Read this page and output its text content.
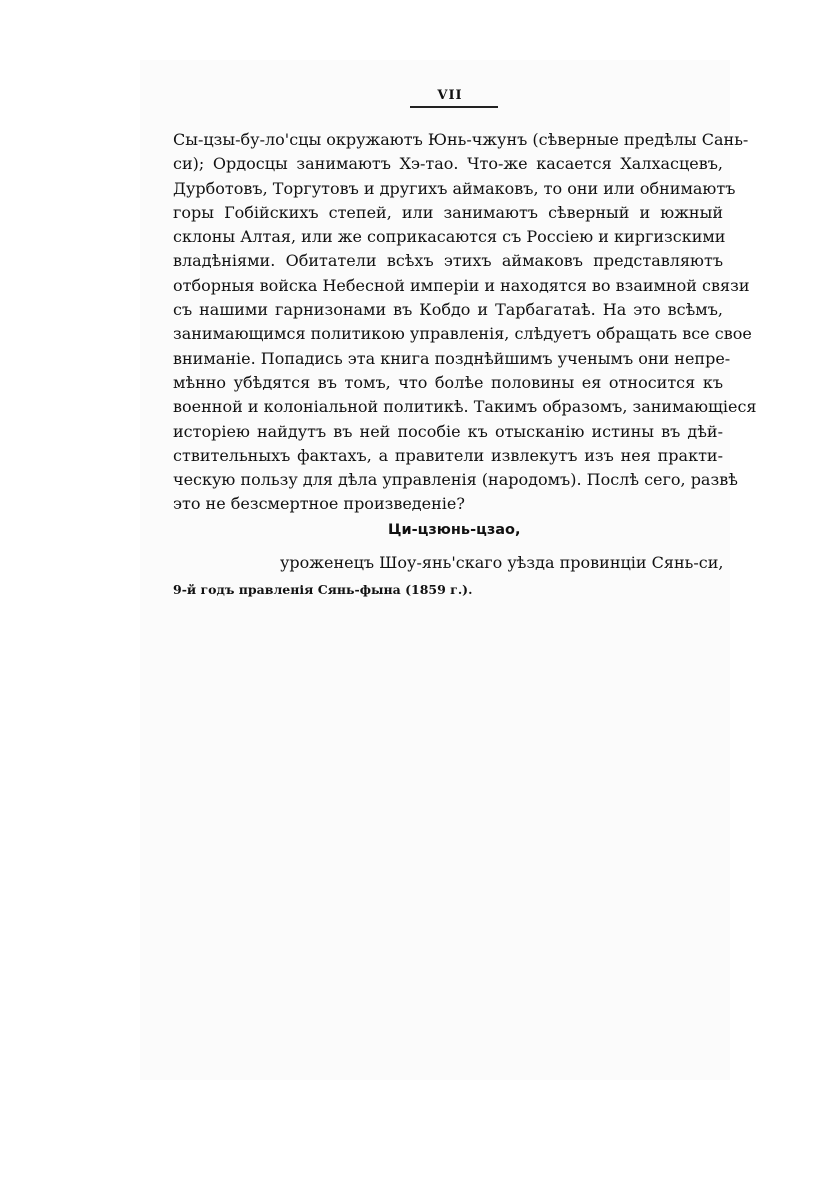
VII
Сы-цзы-бу-ло'сцы окружаютъ Юнь-чжунъ (сѣверные предѣлы Сань-
си); Ордосцы занимаютъ Хэ-тао. Что-же касается Халхасцевъ,
Дурботовъ, Торгутовъ и другихъ аймаковъ, то они или обнимаютъ
горы Гобійскихъ степей, или занимаютъ сѣверный и южный
склоны Алтая, или же соприкасаются съ Россіею и киргизскими
владѣніями. Обитатели всѣхъ этихъ аймаковъ представляютъ
отборныя войска Небесной имперіи и находятся во взаимной связи
съ нашими гарнизонами въ Кобдо и Тарбагатаѣ. На это всѣмъ,
занимающимся политикою управленія, слѣдуетъ обращать все свое
вниманіе. Попадись эта книга позднѣйшимъ ученымъ они непре-
мѣнно убѣдятся въ томъ, что болѣе половины ея относится къ
военной и колоніальной политикѣ. Такимъ образомъ, занимающіеся
исторіею найдутъ въ ней пособіе къ отысканію истины въ дѣй-
ствительныхъ фактахъ, а правители извлекутъ изъ нея практи-
ческую пользу для дѣла управленія (народомъ). Послѣ сего, развѣ
это не безсмертное произведеніе?
Ци-цзюнь-цзао,
уроженецъ Шоу-янь'скаго уѣзда провинціи Сянь-си,
9-й годъ правленія Сянь-фына (1859 г.).
